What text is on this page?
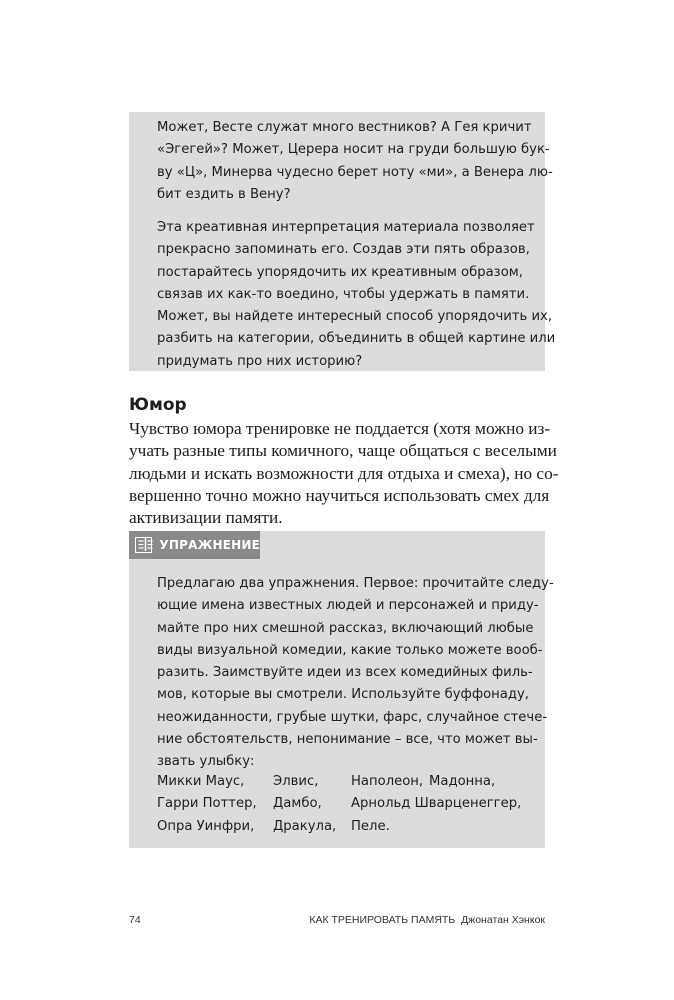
Может, Весте служат много вестников? А Гея кричит
«Эгегей»? Может, Церера носит на груди большую бук-
ву «Ц», Минерва чудесно берет ноту «ми», а Венера лю-
бит ездить в Вену?
Эта креативная интерпретация материала позволяет
прекрасно запоминать его. Создав эти пять образов,
постарайтесь упорядочить их креативным образом,
связав их как-то воедино, чтобы удержать в памяти.
Может, вы найдете интересный способ упорядочить их,
разбить на категории, объединить в общей картине или
придумать про них историю?
Юмор
Чувство юмора тренировке не поддается (хотя можно из-
учать разные типы комичного, чаще общаться с веселыми
людьми и искать возможности для отдыха и смеха), но со-
вершенно точно можно научиться использовать смех для
активизации памяти.
УПРАЖНЕНИЕ
Предлагаю два упражнения. Первое: прочитайте следу-
ющие имена известных людей и персонажей и приду-
майте про них смешной рассказ, включающий любые
виды визуальной комедии, какие только можете вооб-
разить. Заимствуйте идеи из всех комедийных филь-
мов, которые вы смотрели. Используйте буффонаду,
неожиданности, грубые шутки, фарс, случайное стече-
ние обстоятельств, непонимание – все, что может вы-
звать улыбку:
Микки Маус, Элвис, Наполеон, Мадонна,
Гарри Поттер, Дамбо, Арнольд Шварценеггер,
Опра Уинфри, Дракула, Пеле.
74	КАК ТРЕНИРОВАТЬ ПАМЯТЬ Джонатан Хэнкок
